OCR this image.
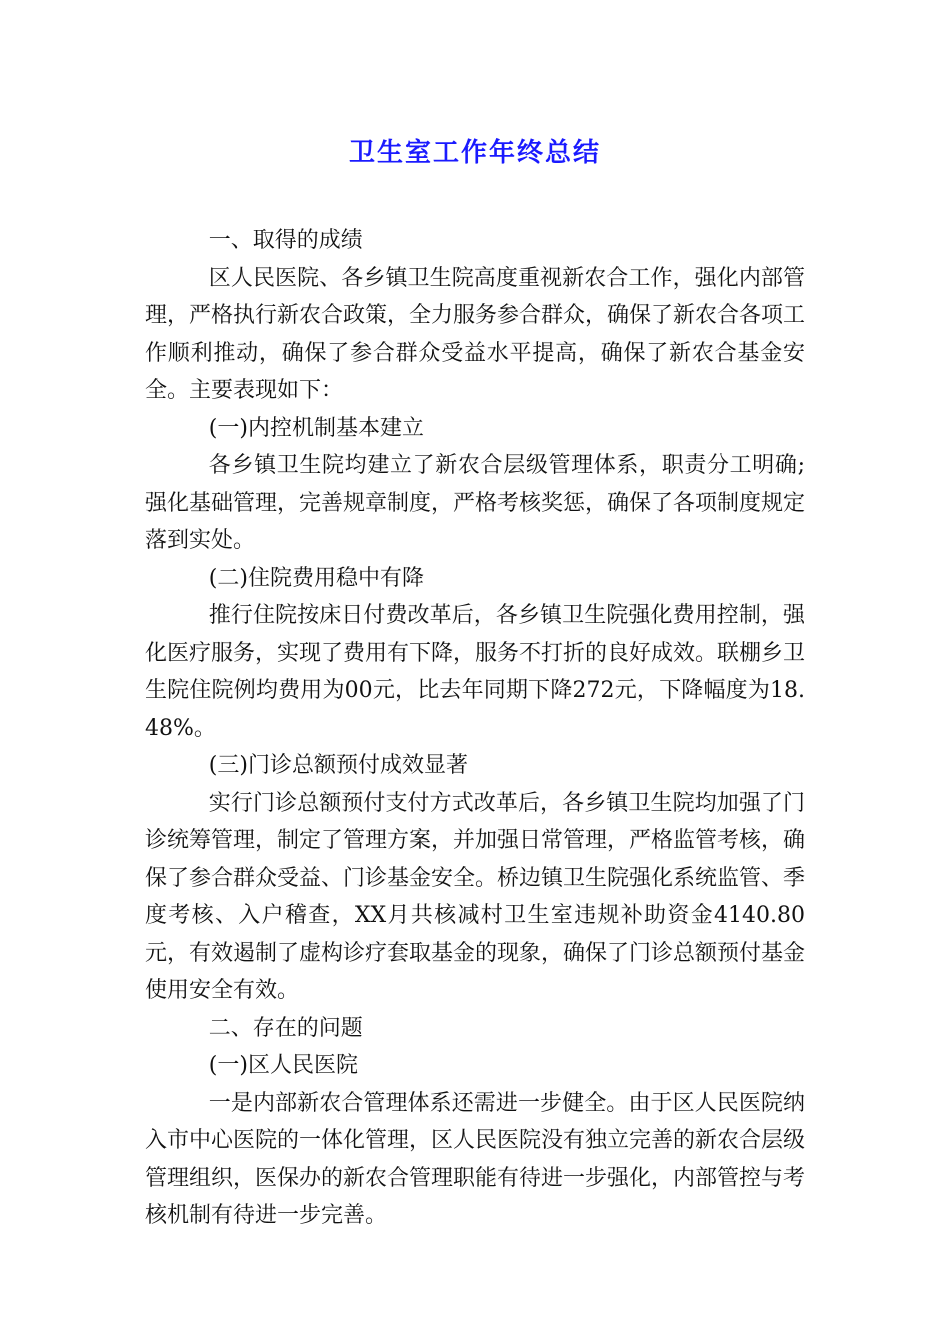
卫生室工作年终总结

一、取得的成绩

区人民医院、各乡镇卫生院高度重视新农合工作，强化内部管理，严格执行新农合政策，全力服务参合群众，确保了新农合各项工作顺利推动，确保了参合群众受益水平提高，确保了新农合基金安全。主要表现如下：

(一)内控机制基本建立

各乡镇卫生院均建立了新农合层级管理体系，职责分工明确;强化基础管理，完善规章制度，严格考核奖惩，确保了各项制度规定落到实处。

(二)住院费用稳中有降

推行住院按床日付费改革后，各乡镇卫生院强化费用控制，强化医疗服务，实现了费用有下降，服务不打折的良好成效。联棚乡卫生院住院例均费用为00元，比去年同期下降272元，下降幅度为18.48%。

(三)门诊总额预付成效显著

实行门诊总额预付支付方式改革后，各乡镇卫生院均加强了门诊统筹管理，制定了管理方案，并加强日常管理，严格监管考核，确保了参合群众受益、门诊基金安全。桥边镇卫生院强化系统监管、季度考核、入户稽查，XX月共核减村卫生室违规补助资金4140.80元，有效遏制了虚构诊疗套取基金的现象，确保了门诊总额预付基金使用安全有效。

二、存在的问题

(一)区人民医院

一是内部新农合管理体系还需进一步健全。由于区人民医院纳入市中心医院的一体化管理，区人民医院没有独立完善的新农合层级管理组织，医保办的新农合管理职能有待进一步强化，内部管控与考核机制有待进一步完善。
